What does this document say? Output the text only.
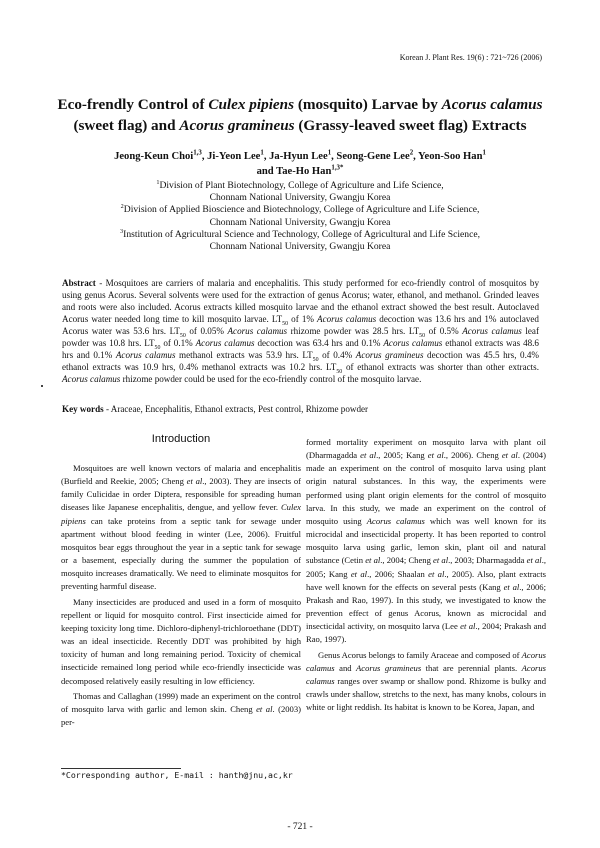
Korean J. Plant Res. 19(6) : 721~726 (2006)
Eco-frendly Control of Culex pipiens (mosquito) Larvae by Acorus calamus
(sweet flag) and Acorus gramineus (Grassy-leaved sweet flag) Extracts
Jeong-Keun Choi$^{1,3}$, Ji-Yeon Lee$^1$, Ja-Hyun Lee$^1$, Seong-Gene Lee$^2$, Yeon-Soo Han$^1$
and Tae-Ho Han$^{1,3*}$
$^1$Division of Plant Biotechnology, College of Agriculture and Life Science,
Chonnam National University, Gwangju Korea
$^2$Division of Applied Bioscience and Biotechnology, College of Agriculture and Life Science,
Chonnam National University, Gwangju Korea
$^3$Institution of Agricultural Science and Technology, College of Agricultural and Life Science,
Chonnam National University, Gwangju Korea
Abstract - Mosquitoes are carriers of malaria and encephalitis. This study performed for eco-friendly control of mosquitos by using genus Acorus. Several solvents were used for the extraction of genus Acorus; water, ethanol, and methanol. Grinded leaves and roots were also included. Acorus extracts killed mosquito larvae and the ethanol extract showed the best result. Autoclaved Acorus water needed long time to kill mosquito larvae. $LT_{50}$ of 1% Acorus calamus decoction was 13.6 hrs and 1% autoclaved Acorus water was 53.6 hrs. $LT_{50}$ of 0.05% Acorus calamus rhizome powder was 28.5 hrs. $LT_{50}$ of 0.5% Acorus calamus leaf powder was 10.8 hrs. $LT_{50}$ of 0.1% Acorus calamus decoction was 63.4 hrs and 0.1% Acorus calamus ethanol extracts was 48.6 hrs and 0.1% Acorus calamus methanol extracts was 53.9 hrs. $LT_{50}$ of 0.4% Acorus gramineus decoction was 45.5 hrs, 0.4% ethanol extracts was 10.9 hrs, 0.4% methanol extracts was 10.2 hrs. $LT_{50}$ of ethanol extracts was shorter than other extracts. Acorus calamus rhizome powder could be used for the eco-friendly control of the mosquito larvae.
Key words - Araceae, Encephalitis, Ethanol extracts, Pest control, Rhizome powder
Introduction

Mosquitoes are well known vectors of malaria and encephalitis (Burfield and Reekie, 2005; Cheng et al., 2003). They are insects of family Culicidae in order Diptera, responsible for spreading human diseases like Japanese encephalitis, dengue, and yellow fever. Culex pipiens can take proteins from a septic tank for sewage under apartment without blood feeding in winter (Lee, 2006). Fruitful mosquitos bear eggs throughout the year in a septic tank for sewage or a basement, especially during the summer the population of mosquito increases dramatically. We need to eliminate mosquitos for preventing harmful disease.

Many insecticides are produced and used in a form of mosquito repellent or liquid for mosquito control. First insecticide aimed for keeping toxicity long time. Dichloro-diphenyl-trichloroethane (DDT) was an ideal insecticide. Recently DDT was prohibited by high toxicity of human and long remaining period. Toxicity of chemical insecticide remained long period while eco-friendly insecticide was decomposed relatively easily resulting in low efficiency.

Thomas and Callaghan (1999) made an experiment on the control of mosquito larva with garlic and lemon skin. Cheng et al. (2003) per-

formed mortality experiment on mosquito larva with plant oil (Dharmagadda et al., 2005; Kang et al., 2006). Cheng et al. (2004) made an experiment on the control of mosquito larva using plant origin natural substances. In this way, the experiments were performed using plant origin elements for the control of mosquito larva. In this study, we made an experiment on the control of mosquito using Acorus calamus which was well known for its microcidal and insecticidal property. It has been reported to control mosquito larva using garlic, lemon skin, plant oil and natural substance (Cetin et al., 2004; Cheng et al., 2003; Dharmagadda et al., 2005; Kang et al., 2006; Shaalan et al., 2005). Also, plant extracts have well known for the effects on several pests (Kang et al., 2006; Prakash and Rao, 1997). In this study, we investigated to know the prevention effect of genus Acorus, known as microcidal and insecticidal activity, on mosquito larva (Lee et al., 2004; Prakash and Rao, 1997).

Genus Acorus belongs to family Araceae and composed of Acorus calamus and Acorus gramineus that are perennial plants. Acorus calamus ranges over swamp or shallow pond. Rhizome is bulky and crawls under shallow, stretchs to the next, has many knobs, colours in white or light reddish. Its habitat is known to be Korea, Japan, and

*Corresponding author, E-mail : hanth@jnu,ac,kr
- 721 -
